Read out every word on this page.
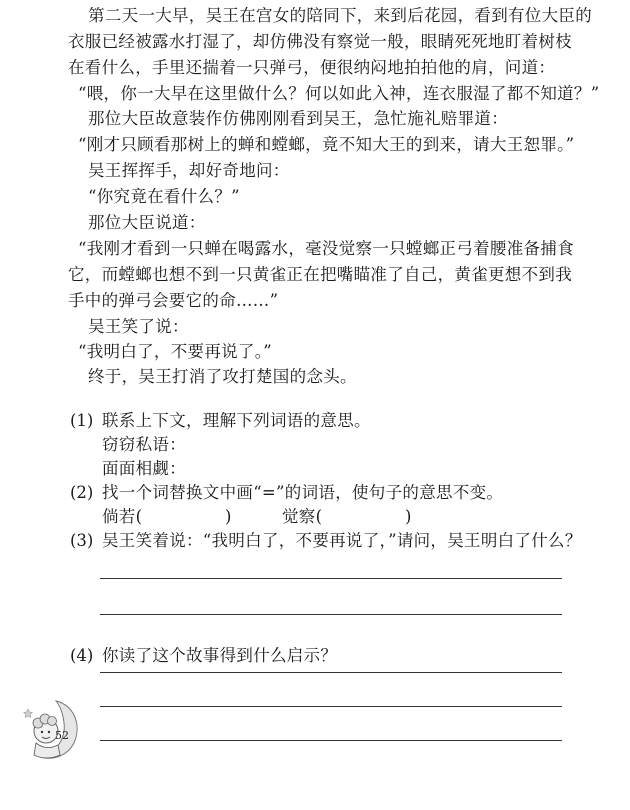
第二天一大早，吴王在宫女的陪同下，来到后花园，看到有位大臣的
衣服已经被露水打湿了，却仿佛没有察觉一般，眼睛死死地盯着树枝
在看什么，手里还揣着一只弹弓，便很纳闷地拍拍他的肩，问道：
“喂，你一大早在这里做什么？何以如此入神，连衣服湿了都不知道？”
那位大臣故意装作仿佛刚刚看到吴王，急忙施礼赔罪道：
“刚才只顾看那树上的蝉和螳螂，竟不知大王的到来，请大王恕罪。”
吴王挥挥手，却好奇地问：
“你究竟在看什么？”
那位大臣说道：
“我刚才看到一只蝉在喝露水，毫没觉察一只螳螂正弓着腰准备捕食
它，而螳螂也想不到一只黄雀正在把嘴瞄准了自己，黄雀更想不到我
手中的弹弓会要它的命……”
吴王笑了说：
“我明白了，不要再说了。”
终于，吴王打消了攻打楚国的念头。
(1) 联系上下文，理解下列词语的意思。
窃窃私语：
面面相觑：
(2) 找一个词替换文中画“=”的词语，使句子的意思不变。
倘若(	)	觉察(	)
(3) 吴王笑着说：“我明白了，不要再说了，”请问，吴王明白了什么？
(4) 你读了这个故事得到什么启示？
52
